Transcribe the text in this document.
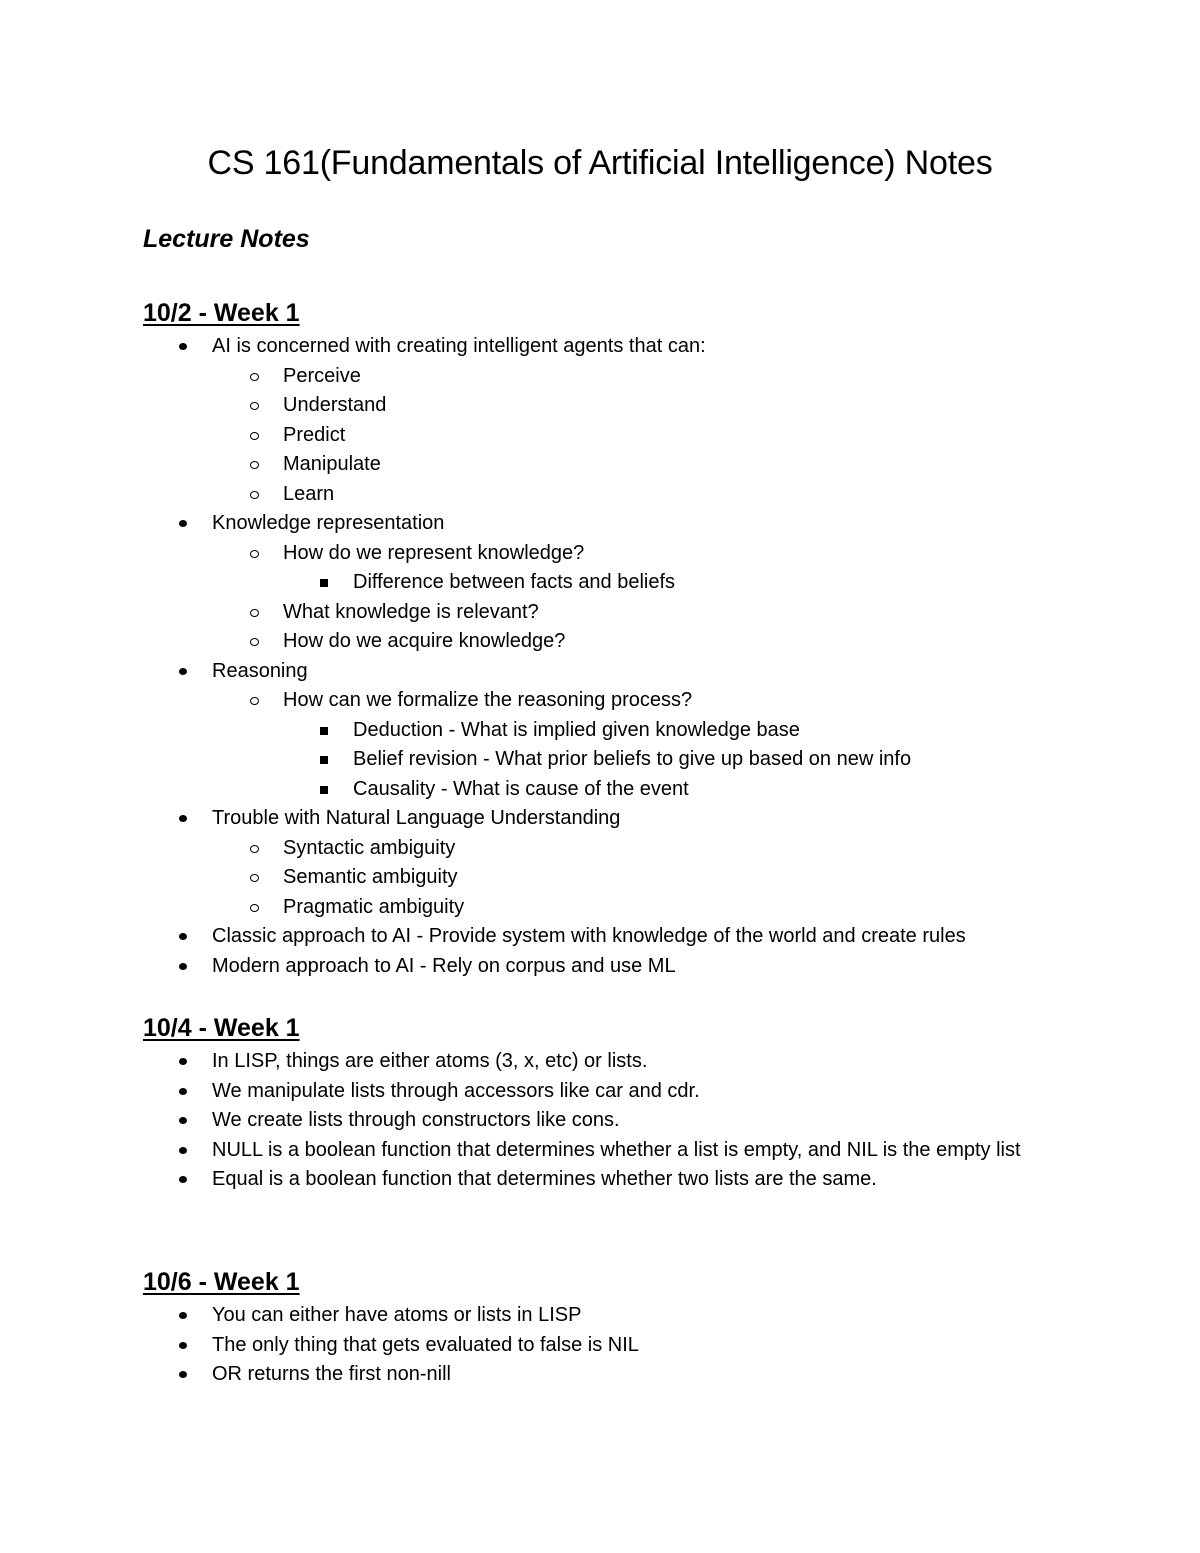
CS 161(Fundamentals of Artificial Intelligence) Notes
Lecture Notes
10/2 - Week 1
AI is concerned with creating intelligent agents that can:
Perceive
Understand
Predict
Manipulate
Learn
Knowledge representation
How do we represent knowledge?
Difference between facts and beliefs
What knowledge is relevant?
How do we acquire knowledge?
Reasoning
How can we formalize the reasoning process?
Deduction - What is implied given knowledge base
Belief revision - What prior beliefs to give up based on new info
Causality - What is cause of the event
Trouble with Natural Language Understanding
Syntactic ambiguity
Semantic ambiguity
Pragmatic ambiguity
Classic approach to AI - Provide system with knowledge of the world and create rules
Modern approach to AI - Rely on corpus and use ML
10/4 - Week 1
In LISP, things are either atoms (3, x, etc) or lists.
We manipulate lists through accessors like car and cdr.
We create lists through constructors like cons.
NULL is a boolean function that determines whether a list is empty, and NIL is the empty list
Equal is a boolean function that determines whether two lists are the same.
10/6 - Week 1
You can either have atoms or lists in LISP
The only thing that gets evaluated to false is NIL
OR returns the first non-nill
